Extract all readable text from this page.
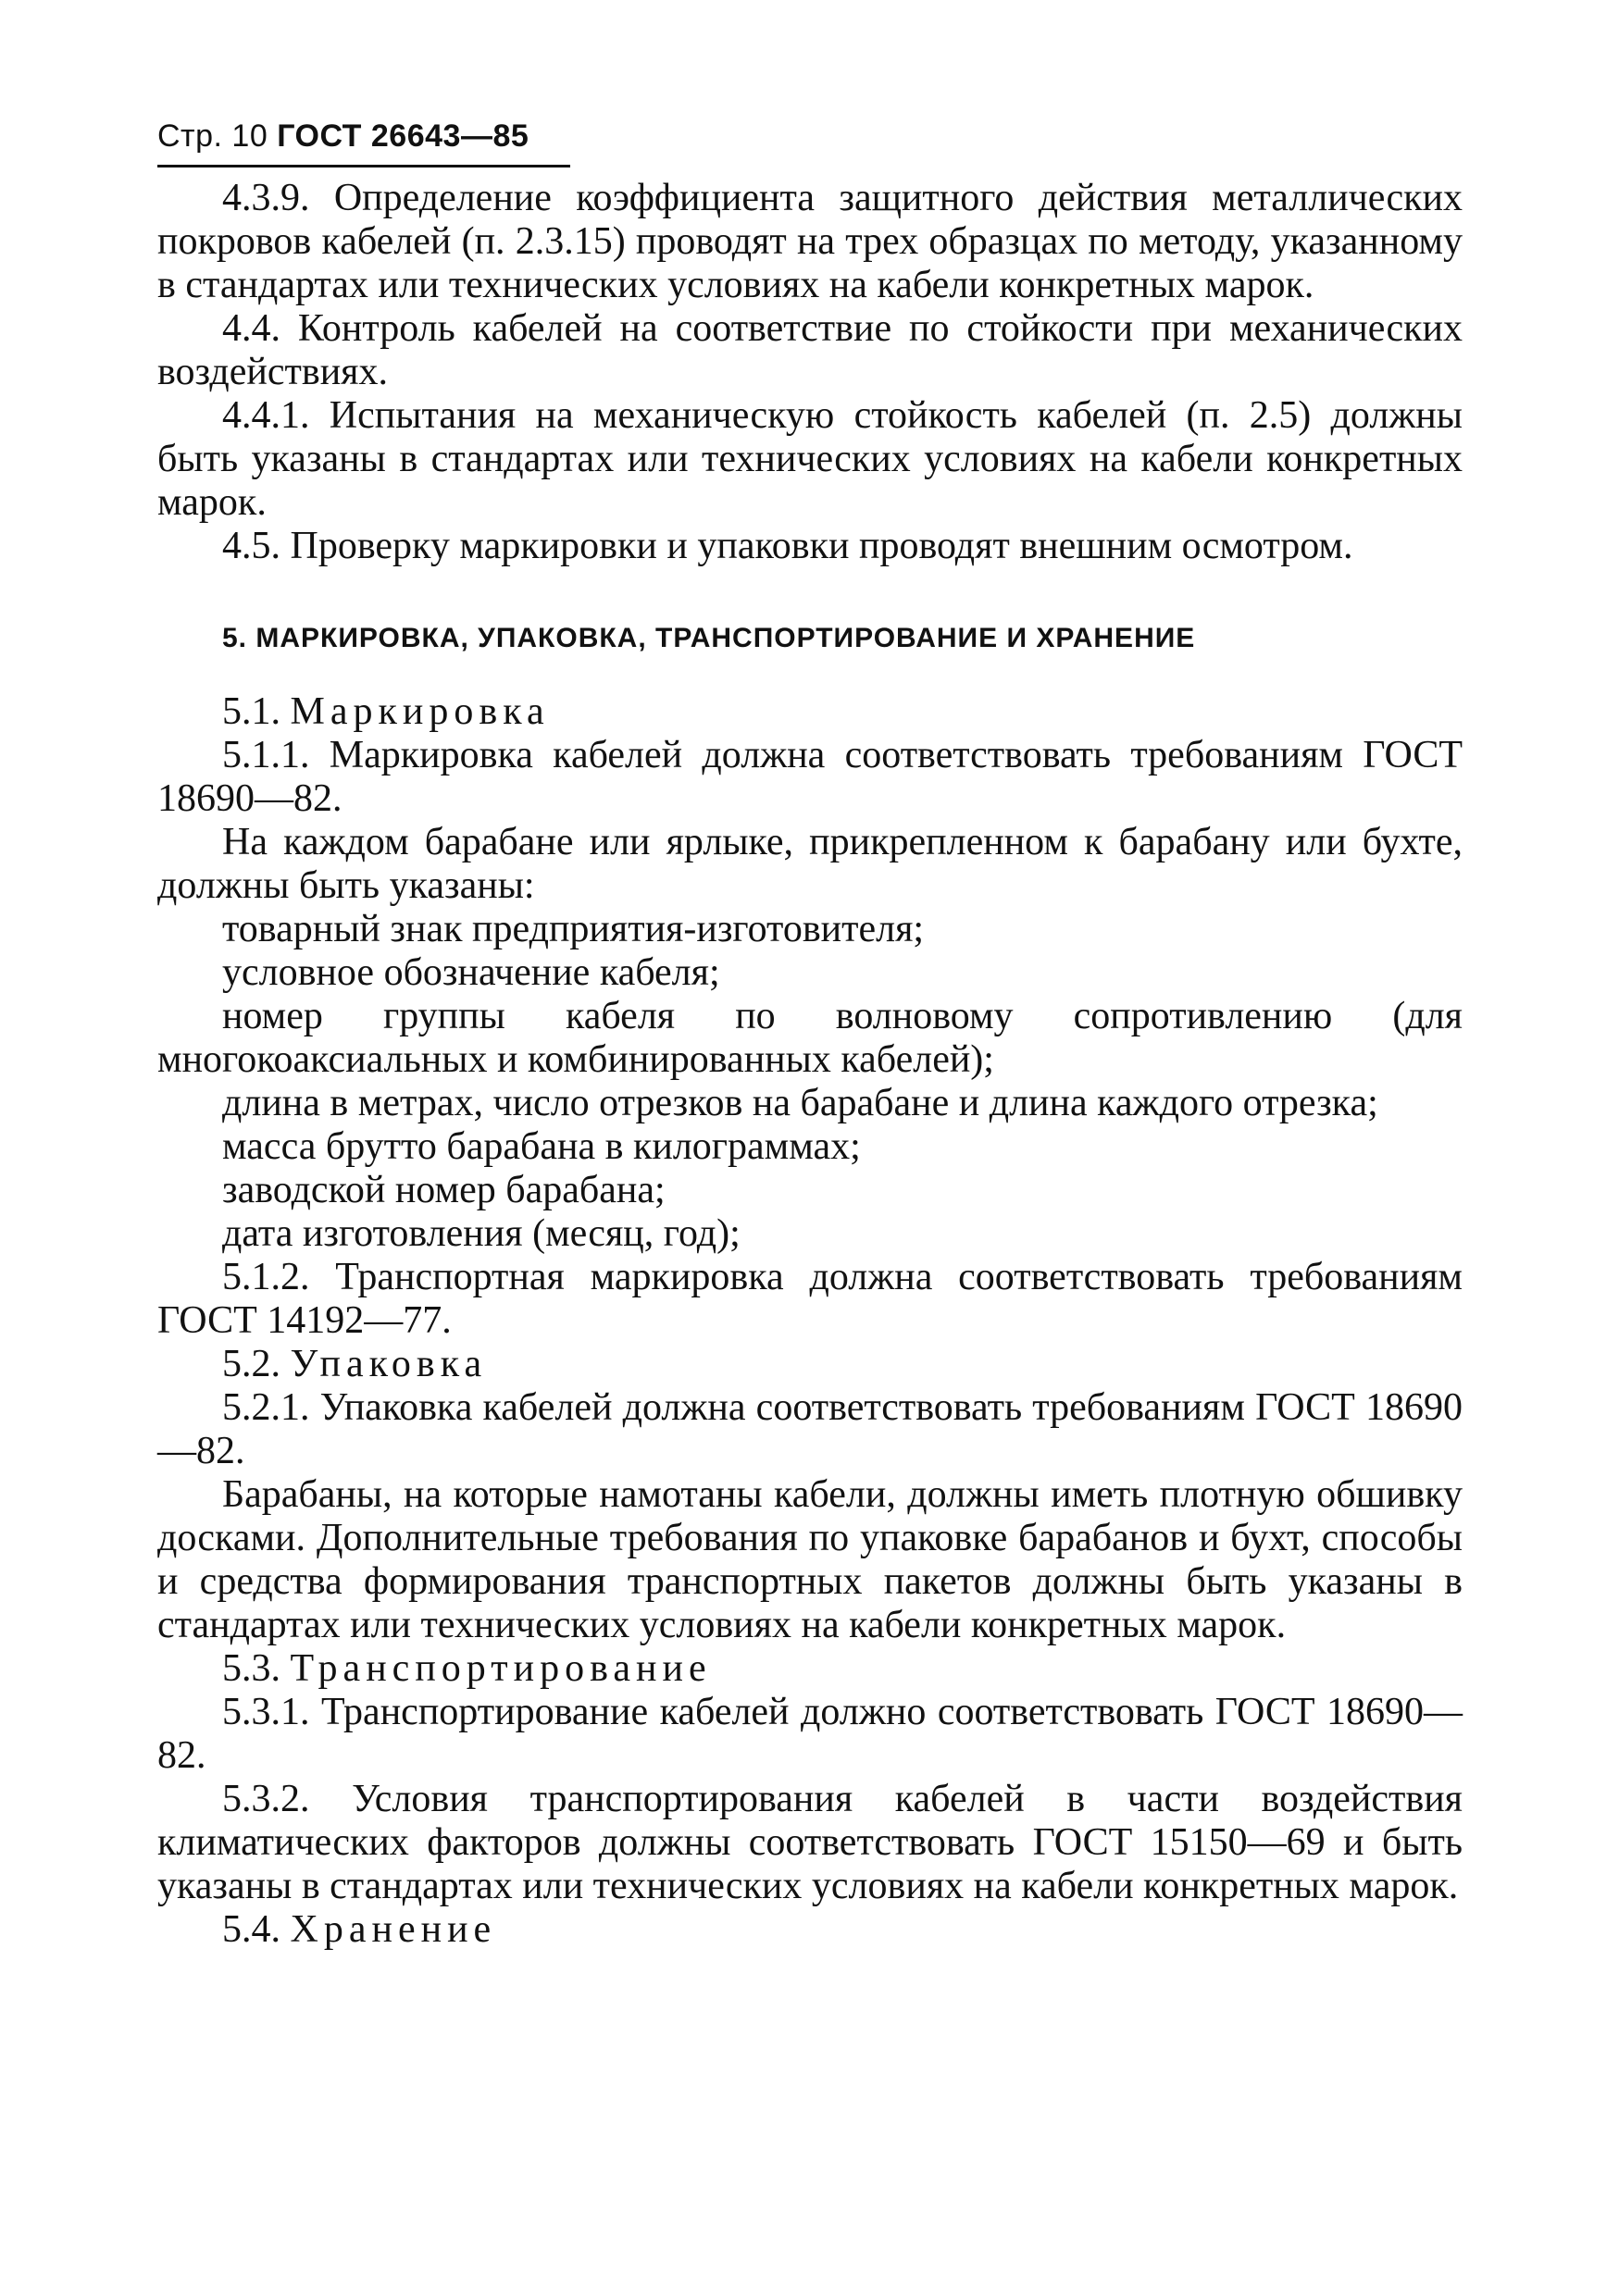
Стр. 10 ГОСТ 26643—85

4.3.9. Определение коэффициента защитного действия металлических покровов кабелей (п. 2.3.15) проводят на трех образцах по методу, указанному в стандартах или технических условиях на кабели конкретных марок.

4.4. Контроль кабелей на соответствие по стойкости при механических воздействиях.

4.4.1. Испытания на механическую стойкость кабелей (п. 2.5) должны быть указаны в стандартах или технических условиях на кабели конкретных марок.

4.5. Проверку маркировки и упаковки проводят внешним осмотром.

5. МАРКИРОВКА, УПАКОВКА, ТРАНСПОРТИРОВАНИЕ И ХРАНЕНИЕ

5.1. Маркировка

5.1.1. Маркировка кабелей должна соответствовать требованиям ГОСТ 18690—82.

На каждом барабане или ярлыке, прикрепленном к барабану или бухте, должны быть указаны:

товарный знак предприятия-изготовителя;

условное обозначение кабеля;

номер группы кабеля по волновому сопротивлению (для многокоаксиальных и комбинированных кабелей);

длина в метрах, число отрезков на барабане и длина каждого отрезка;

масса брутто барабана в килограммах;

заводской номер барабана;

дата изготовления (месяц, год);

5.1.2. Транспортная маркировка должна соответствовать требованиям ГОСТ 14192—77.

5.2. Упаковка

5.2.1. Упаковка кабелей должна соответствовать требованиям ГОСТ 18690—82.

Барабаны, на которые намотаны кабели, должны иметь плотную обшивку досками. Дополнительные требования по упаковке барабанов и бухт, способы и средства формирования транспортных пакетов должны быть указаны в стандартах или технических условиях на кабели конкретных марок.

5.3. Транспортирование

5.3.1. Транспортирование кабелей должно соответствовать ГОСТ 18690—82.

5.3.2. Условия транспортирования кабелей в части воздействия климатических факторов должны соответствовать ГОСТ 15150—69 и быть указаны в стандартах или технических условиях на кабели конкретных марок.

5.4. Хранение
